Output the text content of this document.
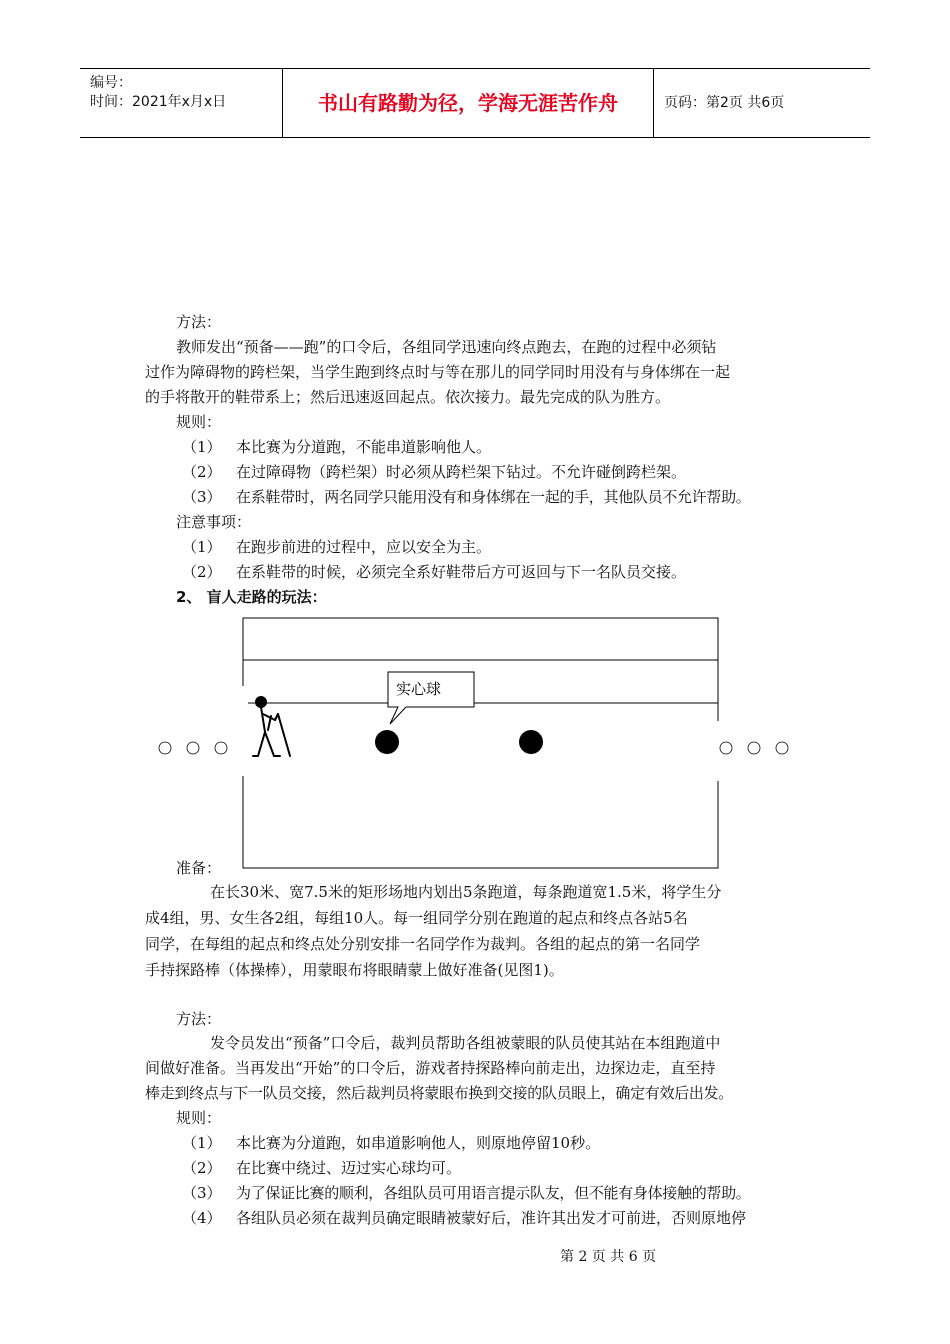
编号：
时间：2021年x月x日	书山有路勤为径，学海无涯苦作舟	页码：第2页 共6页
方法：
教师发出“预备——跑”的口令后，各组同学迅速向终点跑去，在跑的过程中必须钻
过作为障碍物的跨栏架，当学生跑到终点时与等在那儿的同学同时用没有与身体绑在一起
的手将散开的鞋带系上；然后迅速返回起点。依次接力。最先完成的队为胜方。
规则：
（1） 本比赛为分道跑，不能串道影响他人。
（2） 在过障碍物（跨栏架）时必须从跨栏架下钻过。不允许碰倒跨栏架。
（3） 在系鞋带时，两名同学只能用没有和身体绑在一起的手，其他队员不允许帮助。
注意事项：
（1） 在跑步前进的过程中，应以安全为主。
（2） 在系鞋带的时候，必须完全系好鞋带后方可返回与下一名队员交接。
2、 盲人走路的玩法：
实心球
准备：
在长30米、宽7.5米的矩形场地内划出5条跑道，每条跑道宽1.5米，将学生分
成4组，男、女生各2组，每组10人。每一组同学分别在跑道的起点和终点各站5名
同学，在每组的起点和终点处分别安排一名同学作为裁判。各组的起点的第一名同学
手持探路棒（体操棒），用蒙眼布将眼睛蒙上做好准备(见图1)。
方法：
发令员发出“预备”口令后，裁判员帮助各组被蒙眼的队员使其站在本组跑道中
间做好准备。当再发出“开始”的口令后，游戏者持探路棒向前走出，边探边走，直至持
棒走到终点与下一队员交接，然后裁判员将蒙眼布换到交接的队员眼上，确定有效后出发。
规则：
（1） 本比赛为分道跑，如串道影响他人，则原地停留10秒。
（2） 在比赛中绕过、迈过实心球均可。
（3） 为了保证比赛的顺利，各组队员可用语言提示队友，但不能有身体接触的帮助。
（4） 各组队员必须在裁判员确定眼睛被蒙好后，准许其出发才可前进，否则原地停
第 2 页 共 6 页
